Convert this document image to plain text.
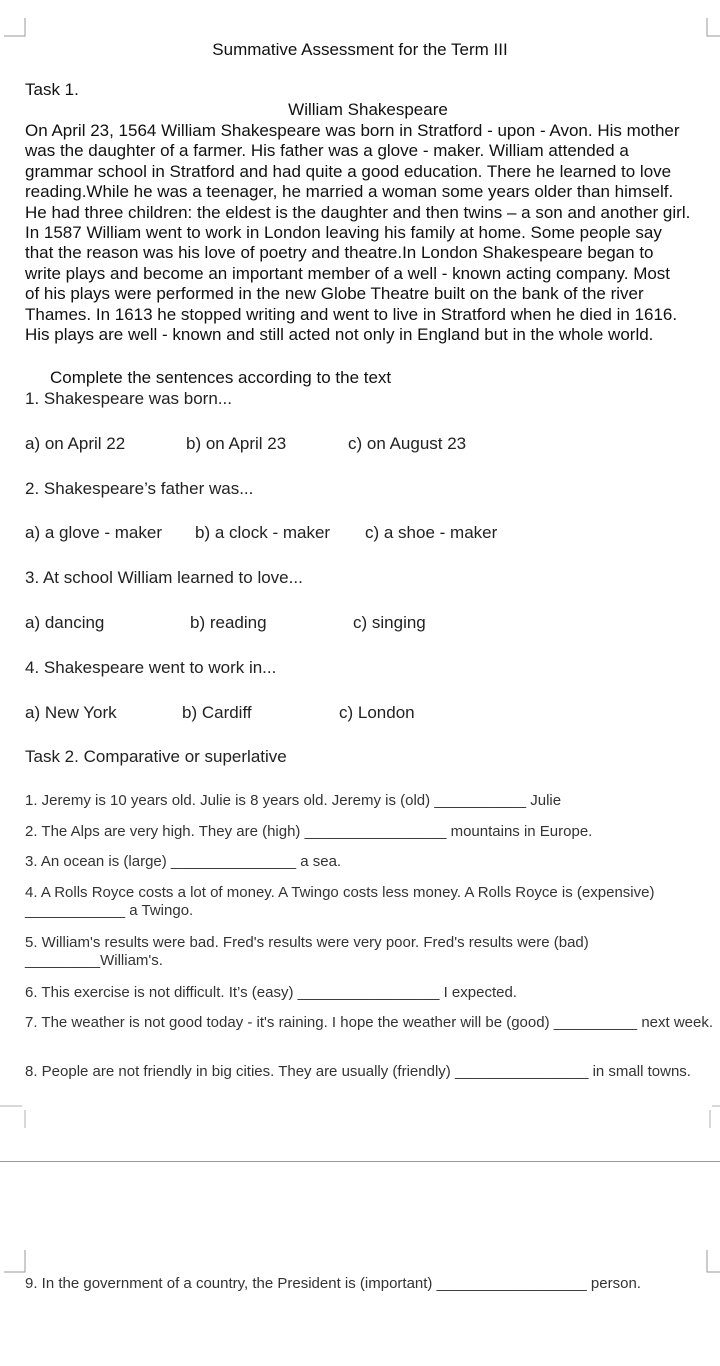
Summative Assessment for the Term III
Task 1.
William Shakespeare
On April 23, 1564 William Shakespeare was born in Stratford - upon - Avon. His mother
was the daughter of a farmer. His father was a glove - maker. William attended a
grammar school in Stratford and had quite a good education. There he learned to love
reading.While he was a teenager, he married a woman some years older than himself.
He had three children: the eldest is the daughter and then twins – a son and another girl.
In 1587 William went to work in London leaving his family at home. Some people say
that the reason was his love of poetry and theatre.In London Shakespeare began to
write plays and become an important member of a well - known acting company. Most
of his plays were performed in the new Globe Theatre built on the bank of the river
Thames. In 1613 he stopped writing and went to live in Stratford when he died in 1616.
His plays are well - known and still acted not only in England but in the whole world.
Complete the sentences according to the text
1. Shakespeare was born...
a) on April 22	b) on April 23	c) on August 23
2. Shakespeare’s father was...
a) a glove - maker b) a clock - maker c) a shoe - maker
3. At school William learned to love...
a) dancing	b) reading	c) singing
4. Shakespeare went to work in...
a) New York	b) Cardiff	c) London
Task 2. Comparative or superlative
1. Jeremy is 10 years old. Julie is 8 years old. Jeremy is (old) ___________ Julie
2. The Alps are very high. They are (high) _________________ mountains in Europe.
3. An ocean is (large) _______________ a sea.
4. A Rolls Royce costs a lot of money. A Twingo costs less money. A Rolls Royce is (expensive) ____________ a Twingo.
5. William's results were bad. Fred's results were very poor. Fred's results were (bad) _________William's.
6. This exercise is not difficult. It’s (easy) _________________ I expected.
7. The weather is not good today - it's raining. I hope the weather will be (good) __________ next week.
8. People are not friendly in big cities. They are usually (friendly) ________________ in small towns.
9. In the government of a country, the President is (important) __________________ person.
